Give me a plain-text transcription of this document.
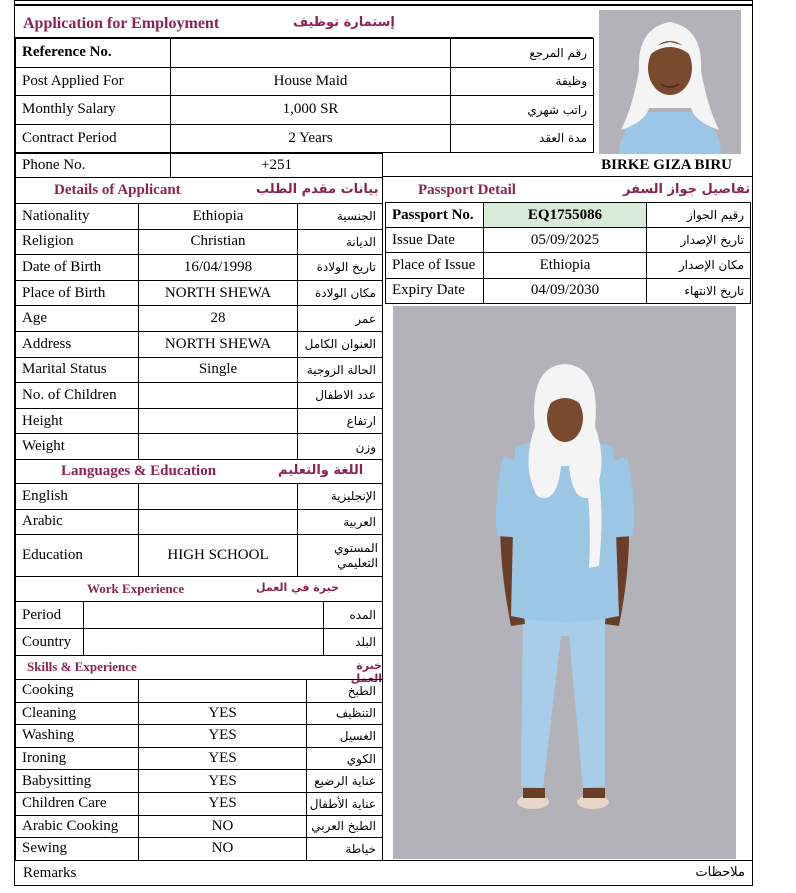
Application for Employment	إستمارة توظيف
Reference No.		رقم المرجع
Post Applied For	House Maid	وظيفة
Monthly Salary	1,000 SR	راتب شهري
Contract Period	2 Years	مدة العقد
Phone No.	+251	BIRKE GIZA BIRU
Details of Applicant	بيانات مقدم الطلب
Nationality	Ethiopia	الجنسية
Religion	Christian	الديانة
Date of Birth	16/04/1998	تاريخ الولادة
Place of Birth	NORTH SHEWA	مكان الولادة
Age	28	عمر
Address	NORTH SHEWA	العنوان الكامل
Marital Status	Single	الحالة الزوجية
No. of Children		عدد الاطفال
Height		ارتفاع
Weight		وزن
Passport Detail	تفاصيل جواز السفر
Passport No.	EQ1755086	رقيم الجواز
Issue Date	05/09/2025	تاريخ الإصدار
Place of Issue	Ethiopia	مكان الإصدار
Expiry Date	04/09/2030	تاريخ الانتهاء
Languages & Education	اللغة والتعليم
English		الإنجليزية
Arabic		العربية
Education	HIGH SCHOOL	المستوي
التعليمي
Work Experience	خبرة في العمل
Period		المده
Country		البلد
Skills & Experience	خبرة العمل
Cooking		الطبخ
Cleaning	YES	التنظيف
Washing	YES	الغسيل
Ironing	YES	الكوي
Babysitting	YES	عناية الرضيع
Children Care	YES	عناية الأطفال
Arabic Cooking	NO	الطبخ العربي
Sewing	NO	خياطة
Remarks	ملاحظات
